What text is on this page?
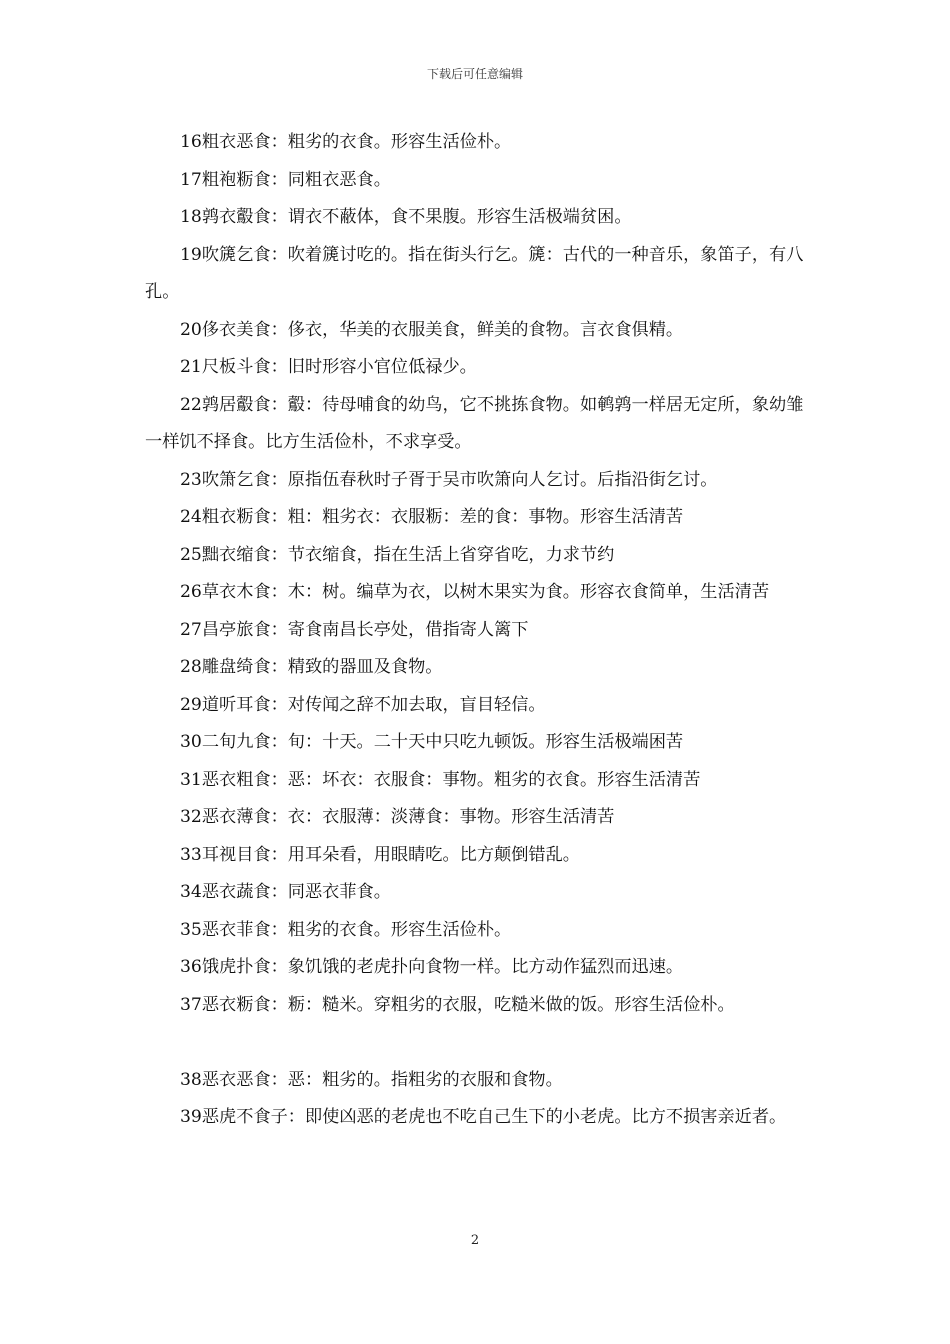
下载后可任意编辑

16粗衣恶食：粗劣的衣食。形容生活俭朴。

17粗袍粝食：同粗衣恶食。

18鹑衣鷇食：谓衣不蔽体，食不果腹。形容生活极端贫困。

19吹篪乞食：吹着篪讨吃的。指在街头行乞。篪：古代的一种音乐，象笛子，有八孔。

20侈衣美食：侈衣，华美的衣服美食，鲜美的食物。言衣食俱精。

21尺板斗食：旧时形容小官位低禄少。

22鹑居鷇食：鷇：待母哺食的幼鸟，它不挑拣食物。如鹌鹑一样居无定所，象幼雏一样饥不择食。比方生活俭朴，不求享受。

23吹箫乞食：原指伍春秋时子胥于吴市吹箫向人乞讨。后指沿街乞讨。

24粗衣粝食：粗：粗劣衣：衣服粝：差的食：事物。形容生活清苦

25黜衣缩食：节衣缩食，指在生活上省穿省吃，力求节约

26草衣木食：木：树。编草为衣，以树木果实为食。形容衣食简单，生活清苦

27昌亭旅食：寄食南昌长亭处，借指寄人篱下

28雕盘绮食：精致的器皿及食物。

29道听耳食：对传闻之辞不加去取，盲目轻信。

30二旬九食：旬：十天。二十天中只吃九顿饭。形容生活极端困苦

31恶衣粗食：恶：坏衣：衣服食：事物。粗劣的衣食。形容生活清苦

32恶衣薄食：衣：衣服薄：淡薄食：事物。形容生活清苦

33耳视目食：用耳朵看，用眼睛吃。比方颠倒错乱。

34恶衣蔬食：同恶衣菲食。

35恶衣菲食：粗劣的衣食。形容生活俭朴。

36饿虎扑食：象饥饿的老虎扑向食物一样。比方动作猛烈而迅速。

37恶衣粝食：粝：糙米。穿粗劣的衣服，吃糙米做的饭。形容生活俭朴。

38恶衣恶食：恶：粗劣的。指粗劣的衣服和食物。

39恶虎不食子：即使凶恶的老虎也不吃自己生下的小老虎。比方不损害亲近者。

2
